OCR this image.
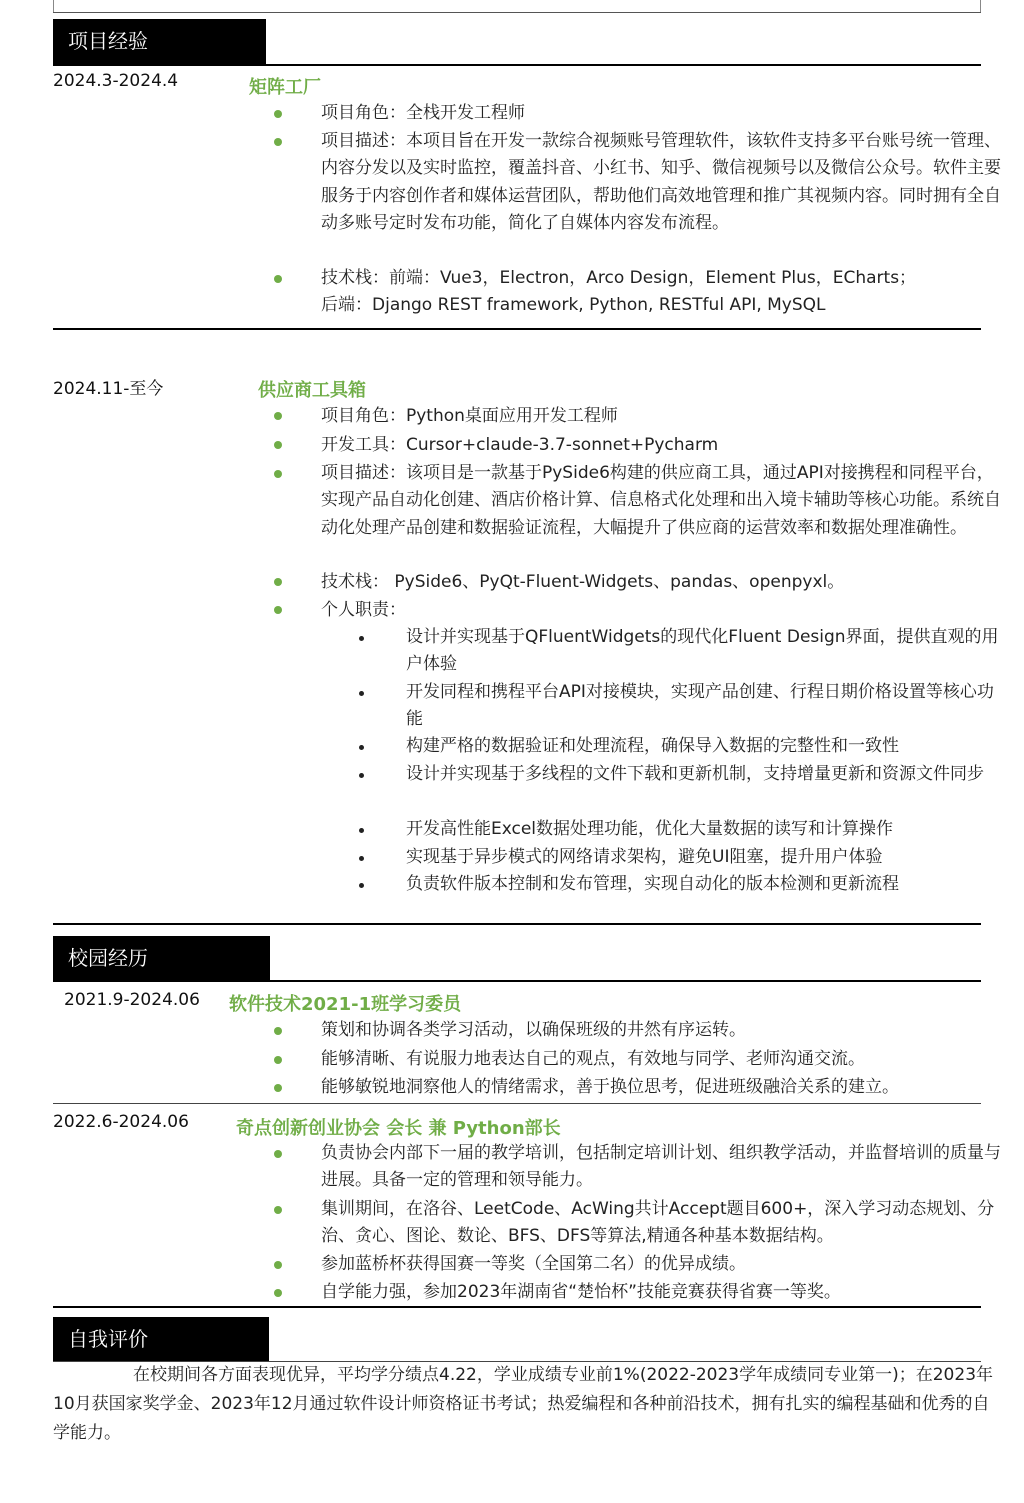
项目经验
2024.3-2024.4	矩阵工厂
项目角色：全栈开发工程师
项目描述：本项目旨在开发一款综合视频账号管理软件，该软件支持多平台账号统一管理、内容分发以及实时监控，覆盖抖音、小红书、知乎、微信视频号以及微信公众号。软件主要服务于内容创作者和媒体运营团队，帮助他们高效地管理和推广其视频内容。同时拥有全自动多账号定时发布功能，简化了自媒体内容发布流程。
技术栈：前端：Vue3，Electron，Arco Design，Element Plus，ECharts；
后端：Django REST framework, Python, RESTful API, MySQL
2024.11-至今	供应商工具箱
项目角色：Python桌面应用开发工程师
开发工具：Cursor+claude-3.7-sonnet+Pycharm
项目描述：该项目是一款基于PySide6构建的供应商工具，通过API对接携程和同程平台，实现产品自动化创建、酒店价格计算、信息格式化处理和出入境卡辅助等核心功能。系统自动化处理产品创建和数据验证流程，大幅提升了供应商的运营效率和数据处理准确性。
技术栈： PySide6、PyQt-Fluent-Widgets、pandas、openpyxl。
个人职责：
设计并实现基于QFluentWidgets的现代化Fluent Design界面，提供直观的用户体验
开发同程和携程平台API对接模块，实现产品创建、行程日期价格设置等核心功能
构建严格的数据验证和处理流程，确保导入数据的完整性和一致性
设计并实现基于多线程的文件下载和更新机制，支持增量更新和资源文件同步
开发高性能Excel数据处理功能，优化大量数据的读写和计算操作
实现基于异步模式的网络请求架构，避免UI阻塞，提升用户体验
负责软件版本控制和发布管理，实现自动化的版本检测和更新流程
校园经历
2021.9-2024.06 软件技术2021-1班学习委员
策划和协调各类学习活动，以确保班级的井然有序运转。
能够清晰、有说服力地表达自己的观点，有效地与同学、老师沟通交流。
能够敏锐地洞察他人的情绪需求，善于换位思考，促进班级融洽关系的建立。
2022.6-2024.06	奇点创新创业协会 会长 兼 Python部长
负责协会内部下一届的教学培训，包括制定培训计划、组织教学活动，并监督培训的质量与进展。具备一定的管理和领导能力。
集训期间，在洛谷、LeetCode、AcWing共计Accept题目600+，深入学习动态规划、分治、贪心、图论、数论、BFS、DFS等算法,精通各种基本数据结构。
参加蓝桥杯获得国赛一等奖（全国第二名）的优异成绩。
自学能力强，参加2023年湖南省“楚怡杯”技能竞赛获得省赛一等奖。
自我评价
在校期间各方面表现优异，平均学分绩点4.22，学业成绩专业前1%(2022-2023学年成绩同专业第一)；在2023年10月获国家奖学金、2023年12月通过软件设计师资格证书考试；热爱编程和各种前沿技术，拥有扎实的编程基础和优秀的自学能力。
